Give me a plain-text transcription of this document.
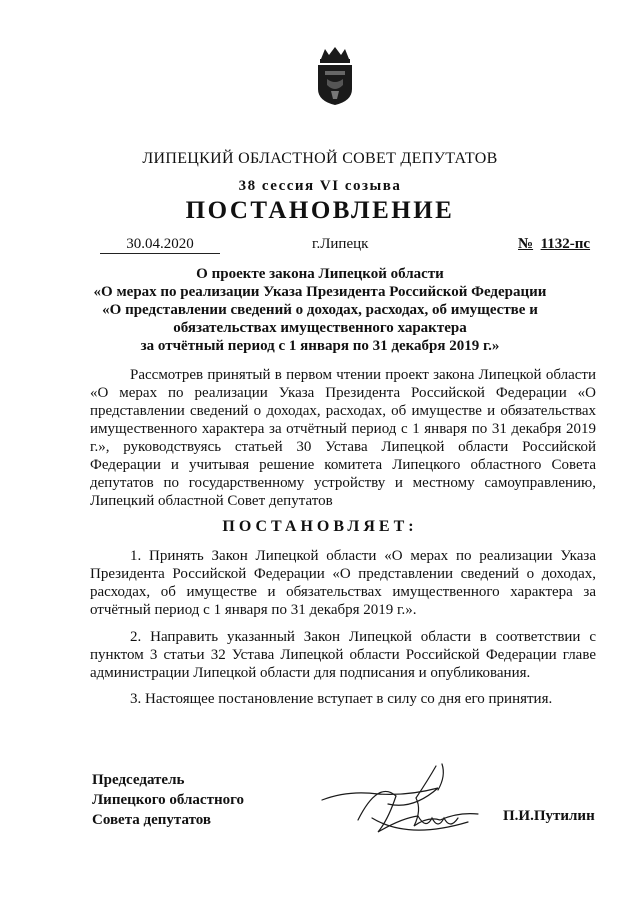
ЛИПЕЦКИЙ ОБЛАСТНОЙ СОВЕТ ДЕПУТАТОВ
38 сессия VI созыва
ПОСТАНОВЛЕНИЕ
30.04.2020	г.Липецк	№ 1132-пс
О проекте закона Липецкой области
«О мерах по реализации Указа Президента Российской Федерации
«О представлении сведений о доходах, расходах, об имуществе и
обязательствах имущественного характера
за отчётный период с 1 января по 31 декабря 2019 г.»

Рассмотрев принятый в первом чтении проект закона Липецкой области «О мерах по реализации Указа Президента Российской Федерации «О представлении сведений о доходах, расходах, об имуществе и обязательствах имущественного характера за отчётный период с 1 января по 31 декабря 2019 г.», руководствуясь статьей 30 Устава Липецкой области Российской Федерации и учитывая решение комитета Липецкого областного Совета депутатов по государственному устройству и местному самоуправлению, Липецкий областной Совет депутатов

ПОСТАНОВЛЯЕТ:

1. Принять Закон Липецкой области «О мерах по реализации Указа Президента Российской Федерации «О представлении сведений о доходах, расходах, об имуществе и обязательствах имущественного характера за отчётный период с 1 января по 31 декабря 2019 г.».

2. Направить указанный Закон Липецкой области в соответствии с пунктом 3 статьи 32 Устава Липецкой области Российской Федерации главе администрации Липецкой области для подписания и опубликования.

3. Настоящее постановление вступает в силу со дня его принятия.

Председатель
Липецкого областного
Совета депутатов	П.И.Путилин
